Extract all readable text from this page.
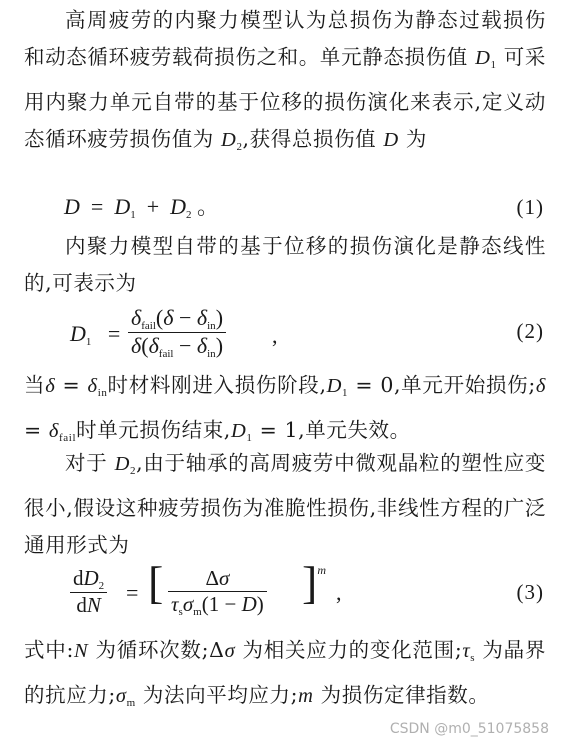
高周疲劳的内聚力模型认为总损伤为静态过载损伤和动态循环疲劳载荷损伤之和。单元静态损伤值 $D_1$ 可采用内聚力单元自带的基于位移的损伤演化来表示,定义动态循环疲劳损伤值为 $D_2$,获得总损伤值 D 为
$D = D_1 + D_2$ 。	(1)
内聚力模型自带的基于位移的损伤演化是静态线性的,可表示为
$D_1$ =
$\delta_{fail}(\delta - \delta_{in})$
$\delta(\delta_{fail} - \delta_{in})$ ,	(2)
当$\delta = \delta_{in}$时材料刚进入损伤阶段$,D_1 = 0$,单元开始损伤;δ = $\delta_{fail}$时单元损伤结束$,D_1 = 1$,单元失效。
对于 $D_2$,由于轴承的高周疲劳中微观晶粒的塑性应变很小,假设这种疲劳损伤为准脆性损伤,非线性方程的广泛通用形式为
$dD_2$
dN = [ Δσ
$\tau_s\sigma_m(1 - D)$ ]$^m$
,	(3)
式中:N 为循环次数;Δσ 为相关应力的变化范围$;\tau_s$ 为晶界的抗应力$;\sigma_m$ 为法向平均应力;m 为损伤定律指数。
CSDN @m0_51075858
